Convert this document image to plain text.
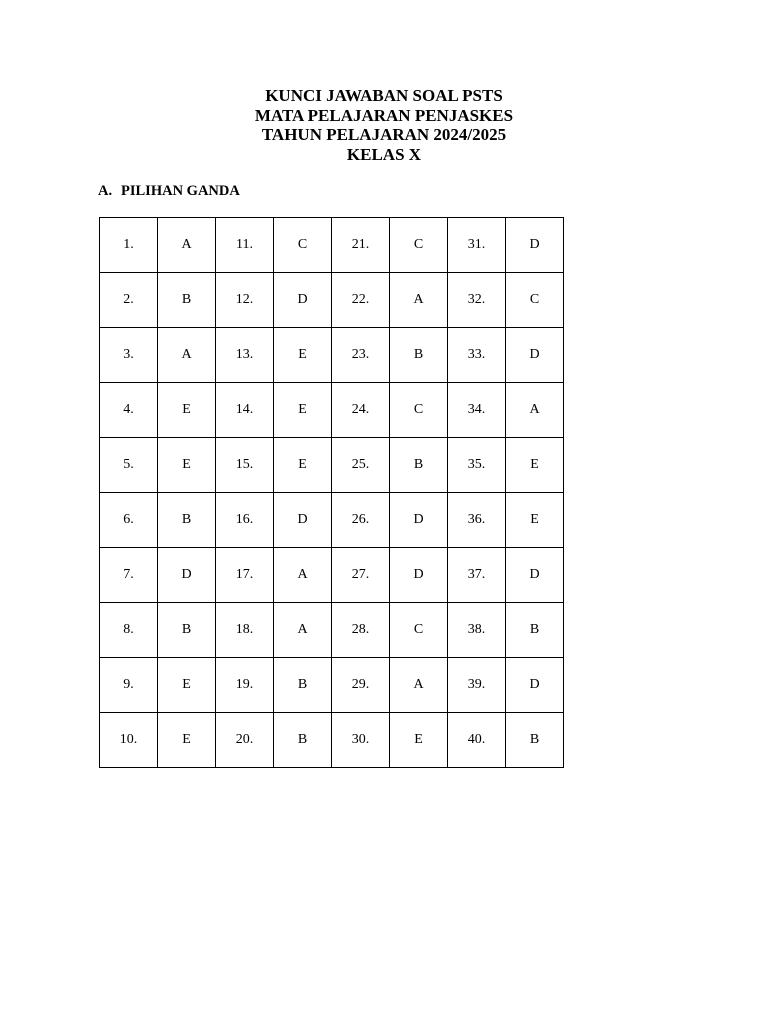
KUNCI JAWABAN SOAL PSTS

MATA PELAJARAN PENJASKES

TAHUN PELAJARAN 2024/2025

KELAS X

A. PILIHAN GANDA

1.	A	11.	C	21.	C	31.	D
2.	B	12.	D	22.	A	32.	C
3.	A	13.	E	23.	B	33.	D
4.	E	14.	E	24.	C	34.	A
5.	E	15.	E	25.	B	35.	E
6.	B	16.	D	26.	D	36.	E
7.	D	17.	A	27.	D	37.	D
8.	B	18.	A	28.	C	38.	B
9.	E	19.	B	29.	A	39.	D
10.	E	20.	B	30.	E	40.	B
